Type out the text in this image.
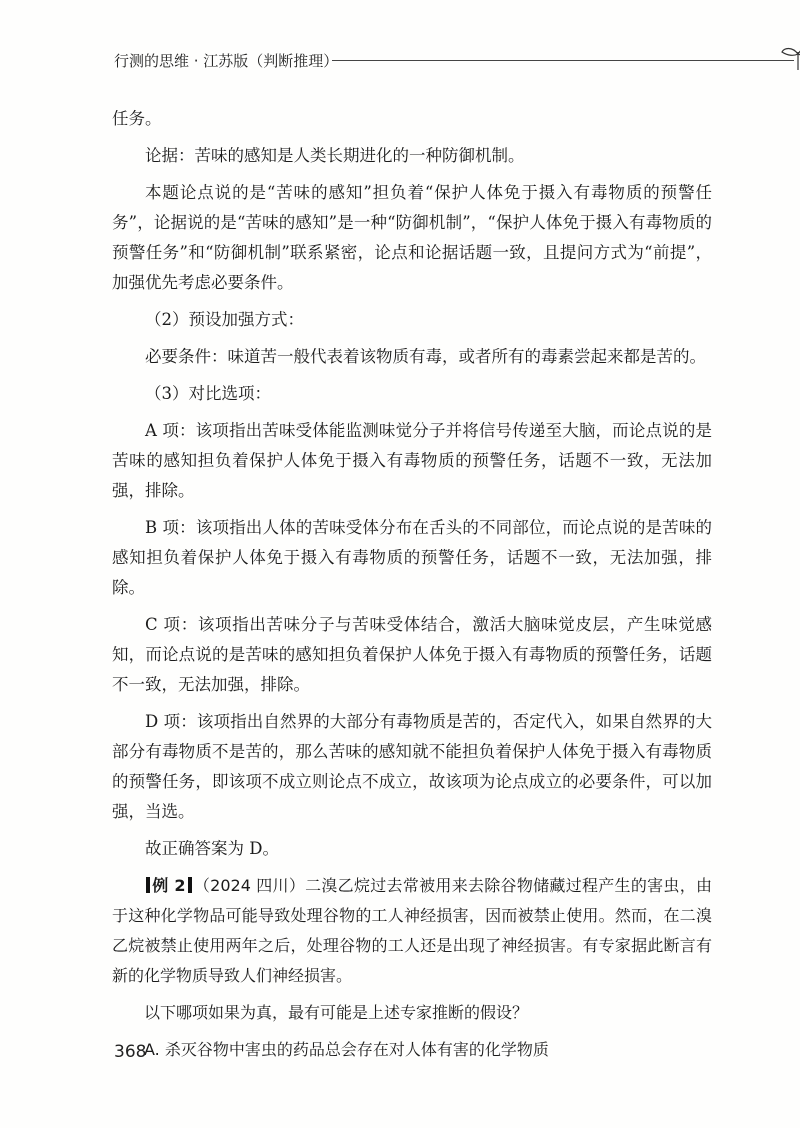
行测的思维 · 江苏版（判断推理）

任务。

论据：苦味的感知是人类长期进化的一种防御机制。

本题论点说的是“苦味的感知”担负着“保护人体免于摄入有毒物质的预警任务”，论据说的是“苦味的感知”是一种“防御机制”，“保护人体免于摄入有毒物质的预警任务”和“防御机制”联系紧密，论点和论据话题一致，且提问方式为“前提”，加强优先考虑必要条件。

（2）预设加强方式：

必要条件：味道苦一般代表着该物质有毒，或者所有的毒素尝起来都是苦的。

（3）对比选项：

A 项：该项指出苦味受体能监测味觉分子并将信号传递至大脑，而论点说的是苦味的感知担负着保护人体免于摄入有毒物质的预警任务，话题不一致，无法加强，排除。

B 项：该项指出人体的苦味受体分布在舌头的不同部位，而论点说的是苦味的感知担负着保护人体免于摄入有毒物质的预警任务，话题不一致，无法加强，排除。

C 项：该项指出苦味分子与苦味受体结合，激活大脑味觉皮层，产生味觉感知，而论点说的是苦味的感知担负着保护人体免于摄入有毒物质的预警任务，话题不一致，无法加强，排除。

D 项：该项指出自然界的大部分有毒物质是苦的，否定代入，如果自然界的大部分有毒物质不是苦的，那么苦味的感知就不能担负着保护人体免于摄入有毒物质的预警任务，即该项不成立则论点不成立，故该项为论点成立的必要条件，可以加强，当选。

故正确答案为 D。

例 2 （2024 四川）二溴乙烷过去常被用来去除谷物储藏过程产生的害虫，由于这种化学物品可能导致处理谷物的工人神经损害，因而被禁止使用。然而，在二溴乙烷被禁止使用两年之后，处理谷物的工人还是出现了神经损害。有专家据此断言有新的化学物质导致人们神经损害。

以下哪项如果为真，最有可能是上述专家推断的假设？

A. 杀灭谷物中害虫的药品总会存在对人体有害的化学物质

368
